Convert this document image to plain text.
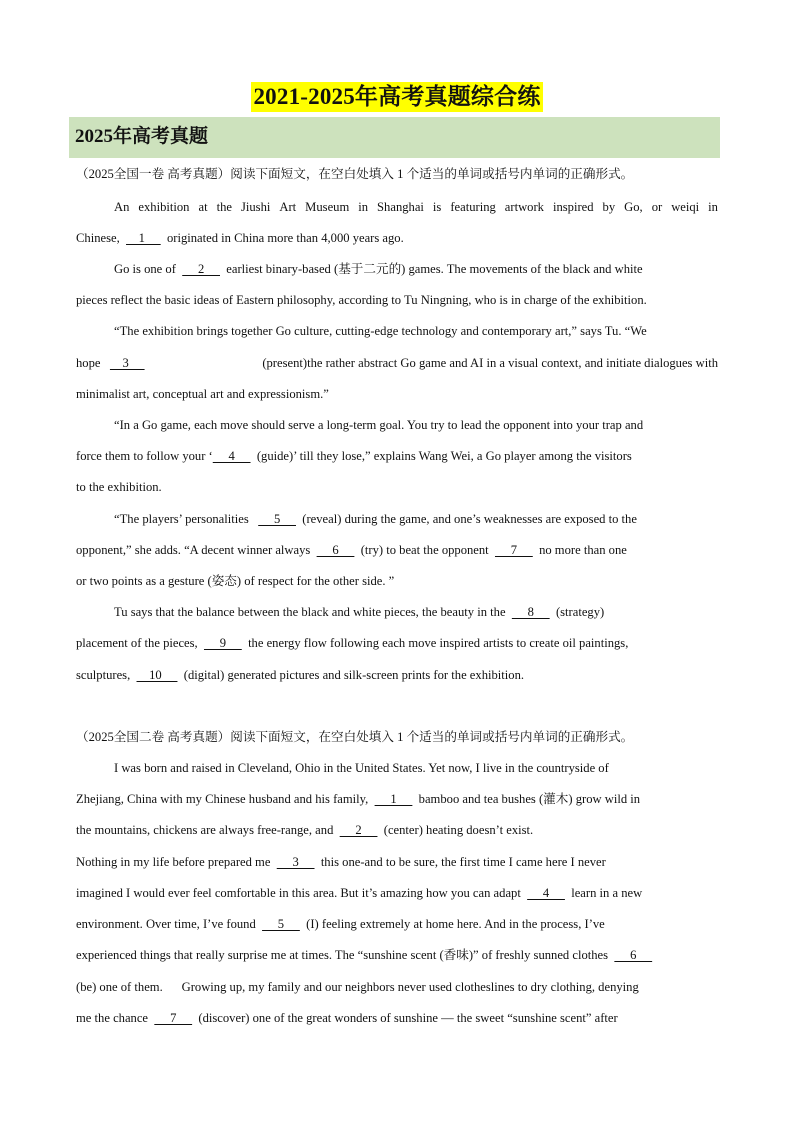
2021-2025年高考真题综合练
2025年高考真题
（2025全国一卷 高考真题）阅读下面短文，在空白处填入 1 个适当的单词或括号内单词的正确形式。
An exhibition at the Jiushi Art Museum in Shanghai is featuring artwork inspired by Go, or weiqi in
Chinese,      1       originated in China more than 4,000 years ago.
Go is one of       2       earliest binary-based (基于二元的) games. The movements of the black and white
pieces reflect the basic ideas of Eastern philosophy, according to Tu Ningning, who is in charge of the exhibition.
“The exhibition brings together Go culture, cutting-edge technology and contemporary art,” says Tu. “We
hope       3	(present)the rather abstract Go game and AI in a visual context, and initiate dialogues with
minimalist art, conceptual art and expressionism.”
“In a Go game, each move should serve a long-term goal. You try to lead the opponent into your trap and
force them to follow your ‘     4       (guide)’ till they lose,” explains Wang Wei, a Go player among the visitors
to the exhibition.
“The players’ personalities        5       (reveal) during the game, and one’s weaknesses are exposed to the
opponent,” she adds. “A decent winner always       6       (try) to beat the opponent       7       no more than one
or two points as a gesture (姿态) of respect for the other side. ”
Tu says that the balance between the black and white pieces, the beauty in the       8       (strategy)
placement of the pieces,       9       the energy flow following each move inspired artists to create oil paintings,
sculptures,      10       (digital) generated pictures and silk-screen prints for the exhibition.
（2025全国二卷 高考真题）阅读下面短文，在空白处填入 1 个适当的单词或括号内单词的正确形式。
I was born and raised in Cleveland, Ohio in the United States. Yet now, I live in the countryside of
Zhejiang, China with my Chinese husband and his family,       1       bamboo and tea bushes (灌木) grow wild in
the mountains, chickens are always free-range, and       2       (center) heating doesn’t exist.
Nothing in my life before prepared me       3       this one-and to be sure, the first time I came here I never
imagined I would ever feel comfortable in this area. But it’s amazing how you can adapt       4       learn in a new
environment. Over time, I’ve found       5       (I) feeling extremely at home here. And in the process, I’ve
experienced things that really surprise me at times. The “sunshine scent (香味)” of freshly sunned clothes       6
(be) one of them.      Growing up, my family and our neighbors never used clotheslines to dry clothing, denying
me the chance       7       (discover) one of the great wonders of sunshine — the sweet “sunshine scent” after
